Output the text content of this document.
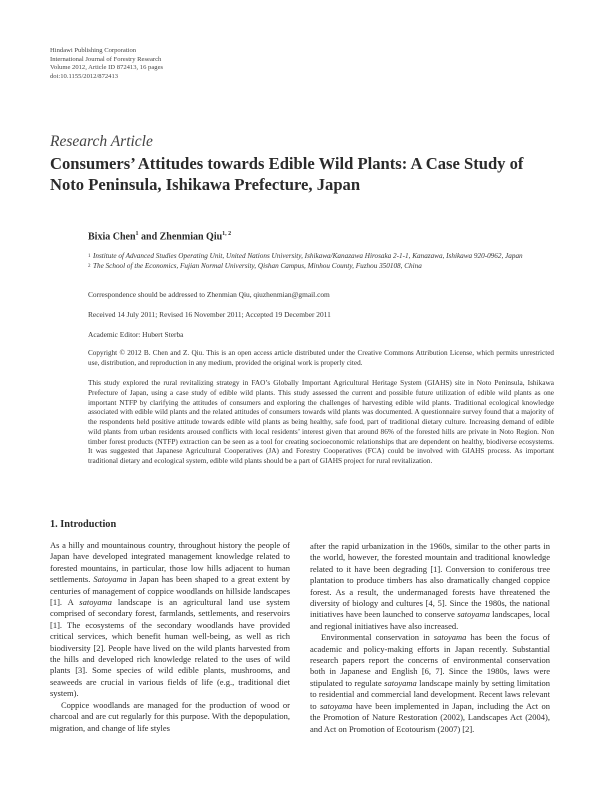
Hindawi Publishing Corporation
International Journal of Forestry Research
Volume 2012, Article ID 872413, 16 pages
doi:10.1155/2012/872413
Research Article
Consumers’ Attitudes towards Edible Wild Plants: A Case Study of Noto Peninsula, Ishikawa Prefecture, Japan
Bixia Chen$^1$ and Zhenmian Qiu$^{1, 2}$
1 Institute of Advanced Studies Operating Unit, United Nations University, Ishikawa/Kanazawa Hirosaka 2-1-1, Kanazawa, Ishikawa 920-0962, Japan
2 The School of the Economics, Fujian Normal University, Qishan Campus, Minhou County, Fuzhou 350108, China
Correspondence should be addressed to Zhenmian Qiu, qiuzhenmian@gmail.com
Received 14 July 2011; Revised 16 November 2011; Accepted 19 December 2011
Academic Editor: Hubert Sterba
Copyright © 2012 B. Chen and Z. Qiu. This is an open access article distributed under the Creative Commons Attribution License, which permits unrestricted use, distribution, and reproduction in any medium, provided the original work is properly cited.
This study explored the rural revitalizing strategy in FAO’s Globally Important Agricultural Heritage System (GIAHS) site in Noto Peninsula, Ishikawa Prefecture of Japan, using a case study of edible wild plants. This study assessed the current and possible future utilization of edible wild plants as one important NTFP by clarifying the attitudes of consumers and exploring the challenges of harvesting edible wild plants. Traditional ecological knowledge associated with edible wild plants and the related attitudes of consumers towards wild plants was documented. A questionnaire survey found that a majority of the respondents held positive attitude towards edible wild plants as being healthy, safe food, part of traditional dietary culture. Increasing demand of edible wild plants from urban residents aroused conflicts with local residents’ interest given that around 86% of the forested hills are private in Noto Region. Non timber forest products (NTFP) extraction can be seen as a tool for creating socioeconomic relationships that are dependent on healthy, biodiverse ecosystems. It was suggested that Japanese Agricultural Cooperatives (JA) and Forestry Cooperatives (FCA) could be involved with GIAHS process. As important traditional dietary and ecological system, edible wild plants should be a part of GIAHS project for rural revitalization.
1. Introduction

As a hilly and mountainous country, throughout history the people of Japan have developed integrated management knowledge related to forested mountains, in particular, those low hills adjacent to human settlements. Satoyama in Japan has been shaped to a great extent by centuries of management of coppice woodlands on hillside landscapes [1]. A satoyama landscape is an agricultural land use system comprised of secondary forest, farmlands, settlements, and reservoirs [1]. The ecosystems of the secondary woodlands have provided critical services, which benefit human well-being, as well as rich biodiversity [2]. People have lived on the wild plants harvested from the hills and developed rich knowledge related to the uses of wild plants [3]. Some species of wild edible plants, mushrooms, and seaweeds are crucial in various fields of life (e.g., traditional diet system).

Coppice woodlands are managed for the production of wood or charcoal and are cut regularly for this purpose. With the depopulation, migration, and change of life styles

after the rapid urbanization in the 1960s, similar to the other parts in the world, however, the forested mountain and traditional knowledge related to it have been degrading [1]. Conversion to coniferous tree plantation to produce timbers has also dramatically changed coppice forest. As a result, the undermanaged forests have threatened the diversity of biology and cultures [4, 5]. Since the 1980s, the national initiatives have been launched to conserve satoyama landscapes, local and regional initiatives have also increased.

Environmental conservation in satoyama has been the focus of academic and policy-making efforts in Japan recently. Substantial research papers report the concerns of environmental conservation both in Japanese and English [6, 7]. Since the 1980s, laws were stipulated to regulate satoyama landscape mainly by setting limitation to residential and commercial land development. Recent laws relevant to satoyama have been implemented in Japan, including the Act on the Promotion of Nature Restoration (2002), Landscapes Act (2004), and Act on Promotion of Ecotourism (2007) [2].
